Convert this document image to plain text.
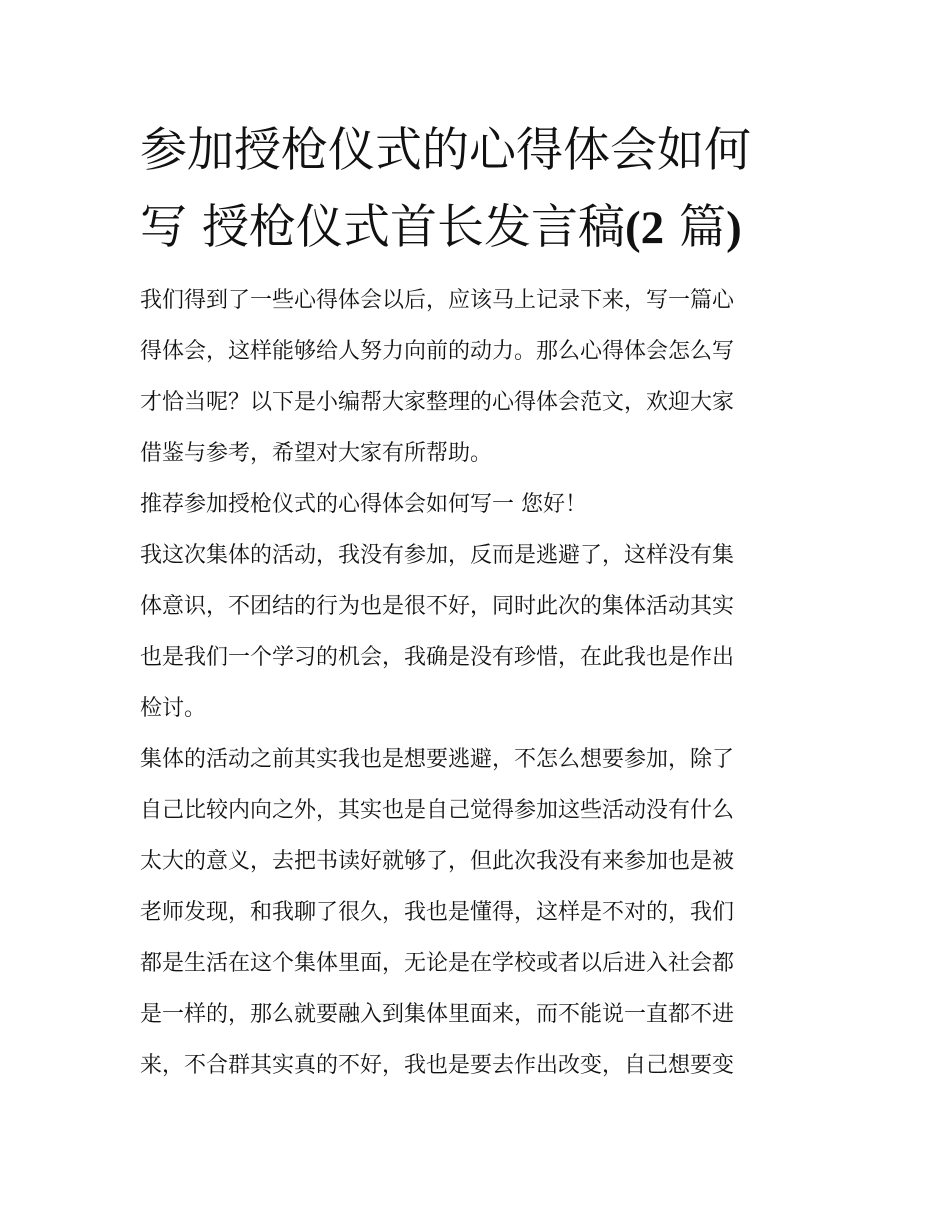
参加授枪仪式的心得体会如何
写 授枪仪式首长发言稿(2 篇)
我们得到了一些心得体会以后，应该马上记录下来，写一篇心
得体会，这样能够给人努力向前的动力。那么心得体会怎么写
才恰当呢？以下是小编帮大家整理的心得体会范文，欢迎大家
借鉴与参考，希望对大家有所帮助。
推荐参加授枪仪式的心得体会如何写一 您好！
我这次集体的活动，我没有参加，反而是逃避了，这样没有集
体意识，不团结的行为也是很不好，同时此次的集体活动其实
也是我们一个学习的机会，我确是没有珍惜，在此我也是作出
检讨。
集体的活动之前其实我也是想要逃避，不怎么想要参加，除了
自己比较内向之外，其实也是自己觉得参加这些活动没有什么
太大的意义，去把书读好就够了，但此次我没有来参加也是被
老师发现，和我聊了很久，我也是懂得，这样是不对的，我们
都是生活在这个集体里面，无论是在学校或者以后进入社会都
是一样的，那么就要融入到集体里面来，而不能说一直都不进
来，不合群其实真的不好，我也是要去作出改变，自己想要变
